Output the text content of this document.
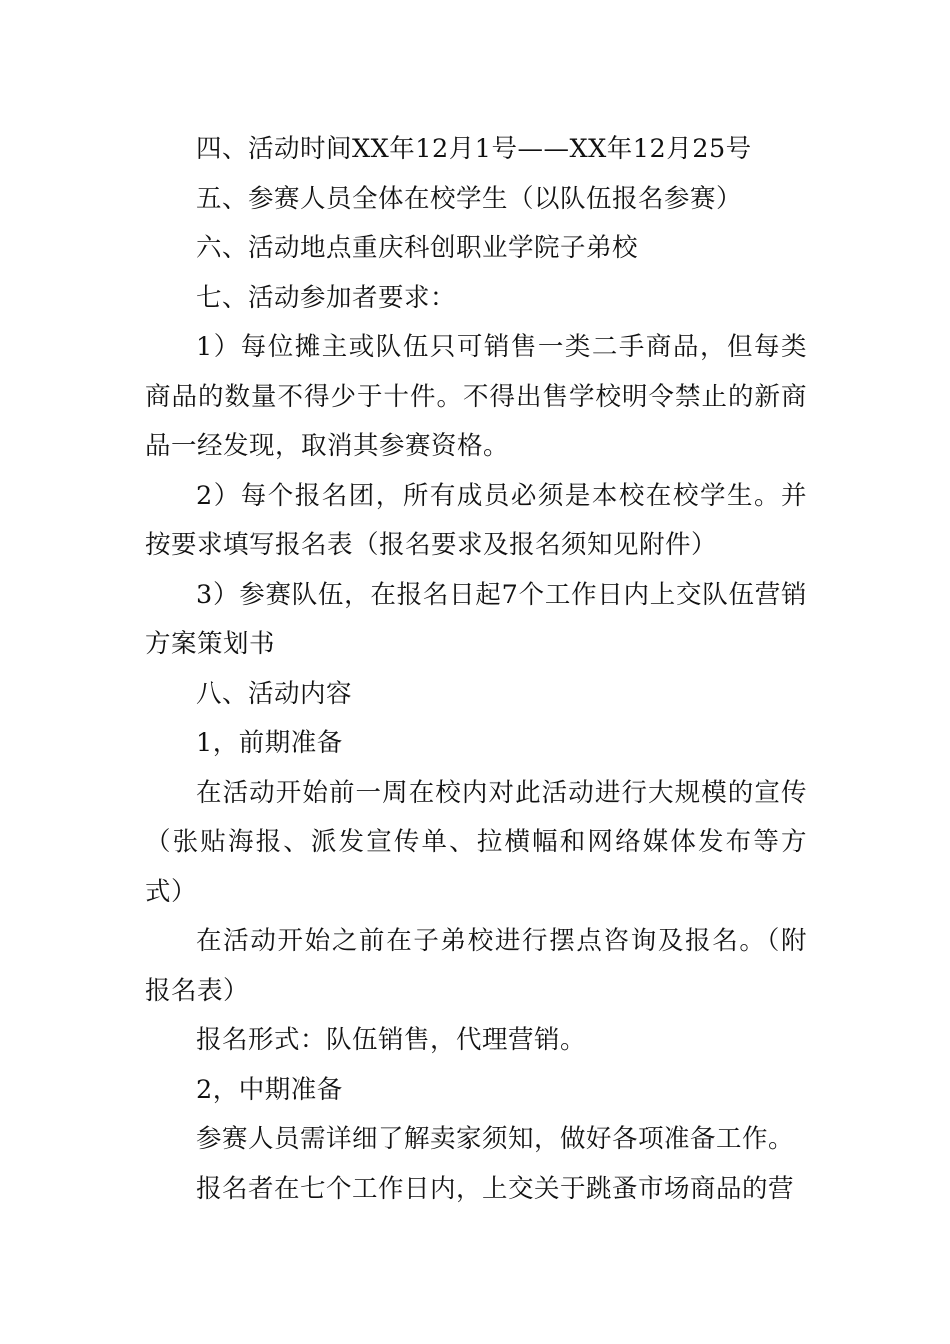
四、活动时间XX年12月1号——XX年12月25号

五、参赛人员全体在校学生（以队伍报名参赛）

六、活动地点重庆科创职业学院子弟校

七、活动参加者要求：

1）每位摊主或队伍只可销售一类二手商品，但每类商品的数量不得少于十件。不得出售学校明令禁止的新商品一经发现，取消其参赛资格。

2）每个报名团，所有成员必须是本校在校学生。并按要求填写报名表（报名要求及报名须知见附件）

3）参赛队伍，在报名日起7个工作日内上交队伍营销方案策划书

八、活动内容

1，前期准备

在活动开始前一周在校内对此活动进行大规模的宣传（张贴海报、派发宣传单、拉横幅和网络媒体发布等方式）

在活动开始之前在子弟校进行摆点咨询及报名。（附报名表）

报名形式：队伍销售，代理营销。

2，中期准备

参赛人员需详细了解卖家须知，做好各项准备工作。

报名者在七个工作日内，上交关于跳蚤市场商品的营
